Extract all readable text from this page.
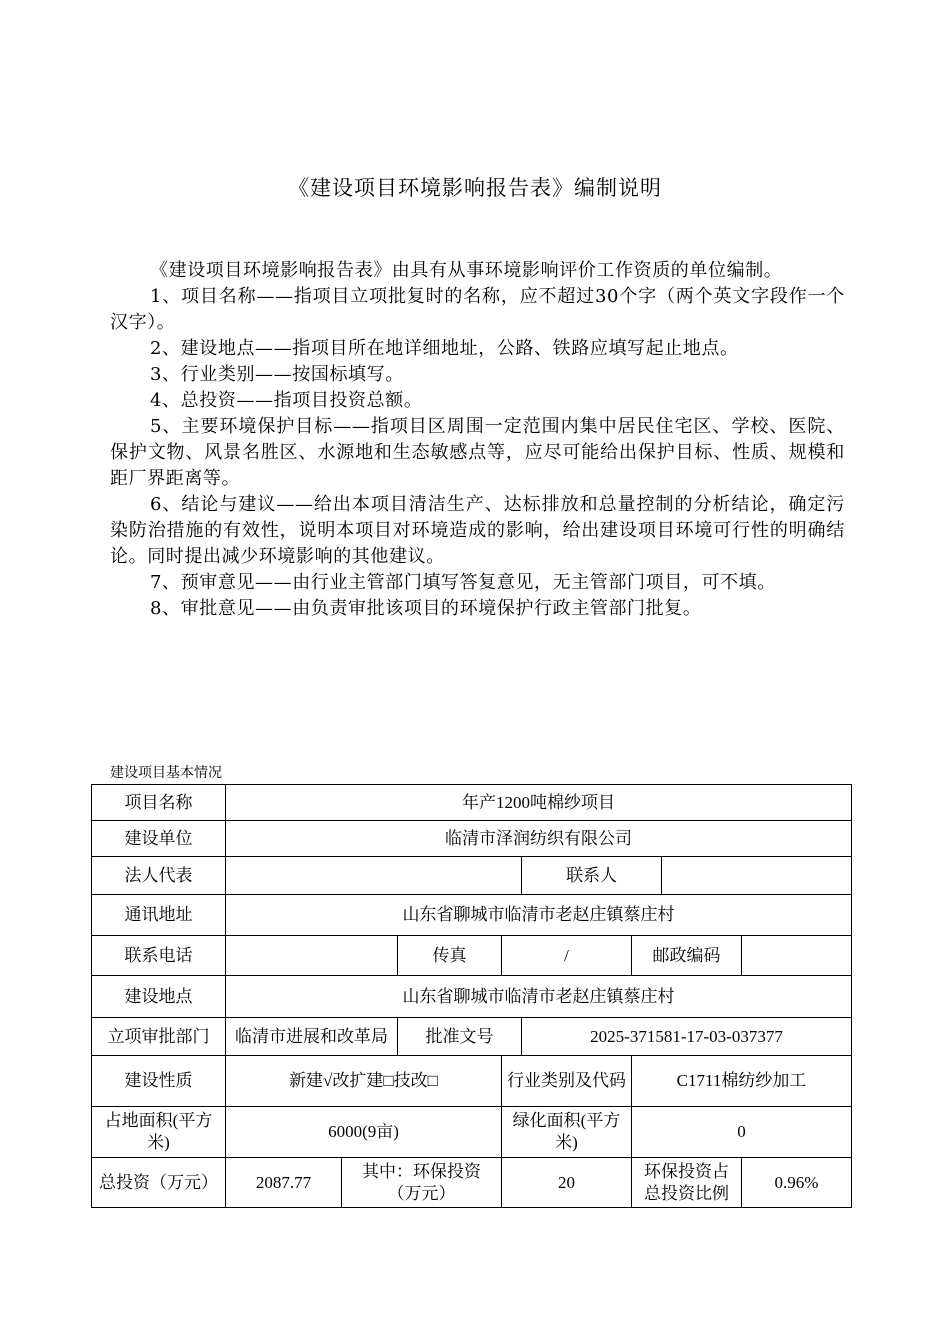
《建设项目环境影响报告表》编制说明

《建设项目环境影响报告表》由具有从事环境影响评价工作资质的单位编制。

1、项目名称——指项目立项批复时的名称，应不超过30个字（两个英文字段作一个汉字）。

2、建设地点——指项目所在地详细地址，公路、铁路应填写起止地点。

3、行业类别——按国标填写。

4、总投资——指项目投资总额。

5、主要环境保护目标——指项目区周围一定范围内集中居民住宅区、学校、医院、保护文物、风景名胜区、水源地和生态敏感点等，应尽可能给出保护目标、性质、规模和距厂界距离等。

6、结论与建议——给出本项目清洁生产、达标排放和总量控制的分析结论，确定污染防治措施的有效性，说明本项目对环境造成的影响，给出建设项目环境可行性的明确结论。同时提出减少环境影响的其他建议。

7、预审意见——由行业主管部门填写答复意见，无主管部门项目，可不填。

8、审批意见——由负责审批该项目的环境保护行政主管部门批复。

建设项目基本情况
项目名称	年产1200吨棉纱项目							
建设单位	临清市泽润纺织有限公司							
法人代表					联系人			
通讯地址	山东省聊城市临清市老赵庄镇蔡庄村							
联系电话			传真	/		邮政编码		
建设地点	山东省聊城市临清市老赵庄镇蔡庄村							
立项审批部门	临清市进展和改革局		批准文号		2025-371581-17-03-037377			
建设性质	新建√改扩建□技改□			行业类别及代码		C1711棉纺纱加工		
占地面积(平方米)	6000(9亩)			绿化面积(平方米)		0		
总投资（万元）	2087.77	其中：环保投资（万元）		20		环保投资占总投资比例		0.96%
